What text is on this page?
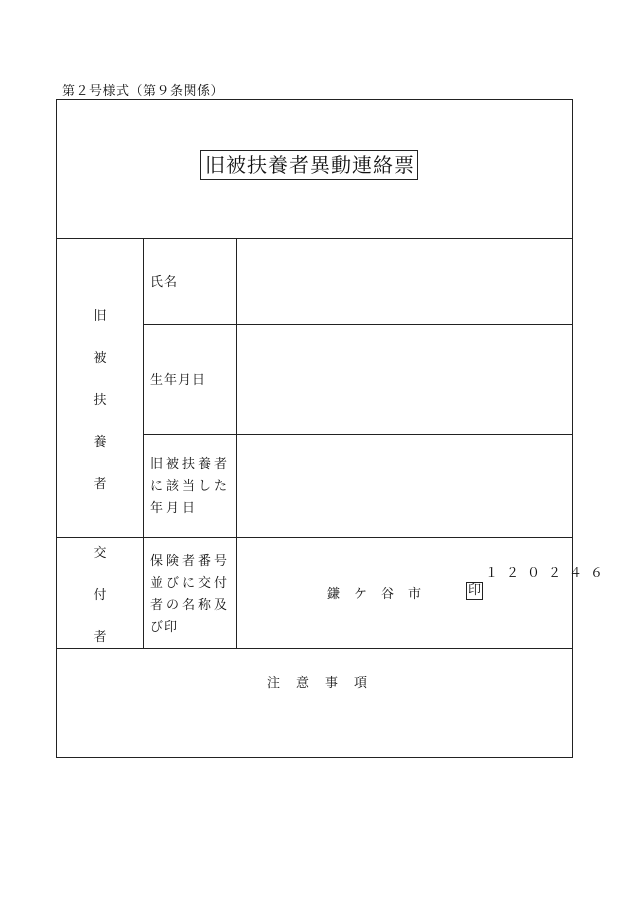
第２号様式（第９条関係）
旧被扶養者異動連絡票
旧
被
扶
養
者
氏名
生年月日
旧被扶養者
に該当した
年月日
交
付
者
保険者番号
並びに交付
者の名称及
び印
１２０２４６
鎌ケ谷市	印
注意事項
